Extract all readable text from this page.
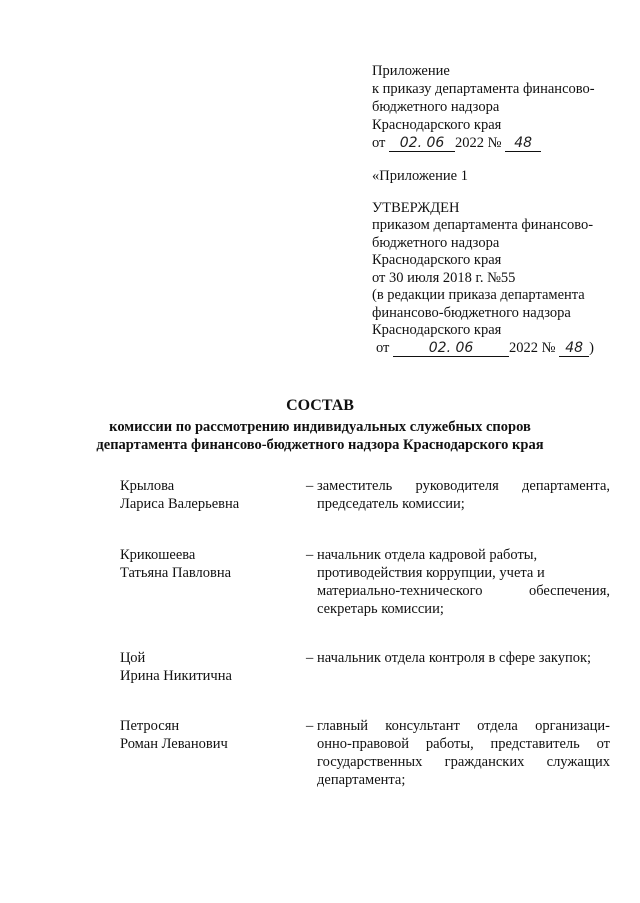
Приложение
к приказу департамента финансово-
бюджетного надзора
Краснодарского края
от 02. 06 2022 № 48
«Приложение 1
УТВЕРЖДЕН
приказом департамента финансово-
бюджетного надзора
Краснодарского края
от 30 июля 2018 г. №55
(в редакции приказа департамента
финансово-бюджетного надзора
Краснодарского края
от	02. 06 2022 № 48 )
СОСТАВ
комиссии по рассмотрению индивидуальных служебных споров
департамента финансово-бюджетного надзора Краснодарского края
Крылова
Лариса Валерьевна
– заместитель руководителя департамента,
председатель комиссии;
Крикошеева
Татьяна Павловна
– начальник отдела кадровой работы,
противодействия коррупции, учета и
материально-технического обеспечения,
секретарь комиссии;
Цой
Ирина Никитична
– начальник отдела контроля в сфере закупок;
Петросян
Роман Леванович
– главный консультант отдела организаци-
онно-правовой работы, представитель от
государственных гражданских служащих
департамента;
